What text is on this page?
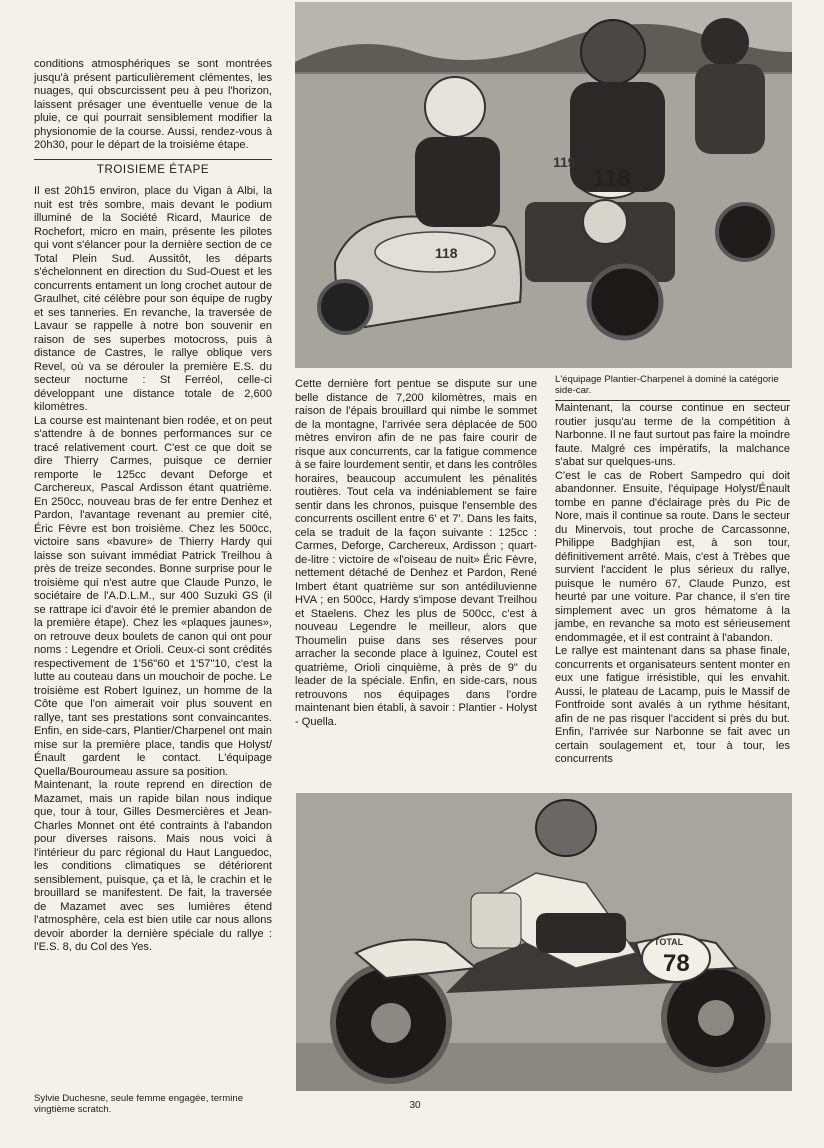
conditions atmosphériques se sont montrées jusqu'à présent particulièrement clémentes, les nuages, qui obscurcissent peu à peu l'horizon, laissent présager une éventuelle venue de la pluie, ce qui pourrait sensiblement modifier la physionomie de la course. Aussi, rendez-vous à 20h30, pour le départ de la troisième étape.

TROISIEME ÉTAPE

Il est 20h15 environ, place du Vigan à Albi, la nuit est très sombre, mais devant le podium illuminé de la Société Ricard, Maurice de Rochefort, micro en main, présente les pilotes qui vont s'élancer pour la dernière section de ce Total Plein Sud. Aussitôt, les départs s'échelonnent en direction du Sud-Ouest et les concurrents entament un long crochet autour de Graulhet, cité célèbre pour son équipe de rugby et ses tanneries. En revanche, la traversée de Lavaur se rappelle à notre bon souvenir en raison de ses superbes motocross, puis à distance de Castres, le rallye oblique vers Revel, où va se dérouler la première E.S. du secteur nocturne : St Ferréol, celle-ci développant une distance totale de 2,600 kilomètres.

La course est maintenant bien rodée, et on peut s'attendre à de bonnes performances sur ce tracé relativement court. C'est ce que doit se dire Thierry Carmes, puisque ce dernier remporte le 125cc devant Deforge et Carchereux, Pascal Ardisson étant quatrième. En 250cc, nouveau bras de fer entre Denhez et Pardon, l'avantage revenant au premier cité, Éric Fèvre est bon troisième. Chez les 500cc, victoire sans «bavure» de Thierry Hardy qui laisse son suivant immédiat Patrick Treilhou à près de treize secondes. Bonne surprise pour le troisième qui n'est autre que Claude Punzo, le sociétaire de l'A.D.L.M., sur 400 Suzuki GS (il se rattrape ici d'avoir été le premier abandon de la première étape). Chez les «plaques jaunes», on retrouve deux boulets de canon qui ont pour noms : Legendre et Orioli. Ceux-ci sont crédités respectivement de 1'56"60 et 1'57"10, c'est la lutte au couteau dans un mouchoir de poche. Le troisième est Robert Iguinez, un homme de la Côte que l'on aimerait voir plus souvent en rallye, tant ses prestations sont convaincantes. Enfin, en side-cars, Plantier/Charpenel ont main mise sur la première place, tandis que Holyst/Énault gardent le contact. L'équipage Quella/Bouroumeau assure sa position.

Maintenant, la route reprend en direction de Mazamet, mais un rapide bilan nous indique que, tour à tour, Gilles Desmercières et Jean-Charles Monnet ont été contraints à l'abandon pour diverses raisons. Mais nous voici à l'intérieur du parc régional du Haut Languedoc, les conditions climatiques se détériorent sensiblement, puisque, ça et là, le crachin et le brouillard se manifestent. De fait, la traversée de Mazamet avec ses lumières étend l'atmosphère, cela est bien utile car nous allons devoir aborder la dernière spéciale du rallye : l'E.S. 8, du Col des Yes.

118
118
119
L'équipage Plantier-Charpenel à dominé la catégorie side-car.

Cette dernière fort pentue se dispute sur une belle distance de 7,200 kilomètres, mais en raison de l'épais brouillard qui nimbe le sommet de la montagne, l'arrivée sera déplacée de 500 mètres environ afin de ne pas faire courir de risque aux concurrents, car la fatigue commence à se faire lourdement sentir, et dans les contrôles horaires, beaucoup accumulent les pénalités routières. Tout cela va indéniablement se faire sentir dans les chronos, puisque l'ensemble des concurrents oscillent entre 6' et 7'. Dans les faits, cela se traduit de la façon suivante : 125cc : Carmes, Deforge, Carchereux, Ardisson ; quart-de-litre : victoire de «l'oiseau de nuit» Éric Fèvre, nettement détaché de Denhez et Pardon, René Imbert étant quatrième sur son antédiluvienne HVA ; en 500cc, Hardy s'impose devant Treilhou et Staelens. Chez les plus de 500cc, c'est à nouveau Legendre le meilleur, alors que Thoumelin puise dans ses réserves pour arracher la seconde place à Iguinez, Coutel est quatrième, Orioli cinquième, à près de 9" du leader de la spéciale. Enfin, en side-cars, nous retrouvons nos équipages dans l'ordre maintenant bien établi, à savoir : Plantier - Holyst - Quella.

Maintenant, la course continue en secteur routier jusqu'au terme de la compétition à Narbonne. Il ne faut surtout pas faire la moindre faute. Malgré ces impératifs, la malchance s'abat sur quelques-uns.

C'est le cas de Robert Sampedro qui doit abandonner. Ensuite, l'équipage Holyst/Énault tombe en panne d'éclairage près du Pic de Nore, mais il continue sa route. Dans le secteur du Minervois, tout proche de Carcassonne, Philippe Badghjian est, à son tour, définitivement arrêté. Mais, c'est à Trèbes que survient l'accident le plus sérieux du rallye, puisque le numéro 67, Claude Punzo, est heurté par une voiture. Par chance, il s'en tire simplement avec un gros hématome à la jambe, en revanche sa moto est sérieusement endommagée, et il est contraint à l'abandon.

Le rallye est maintenant dans sa phase finale, concurrents et organisateurs sentent monter en eux une fatigue irrésistible, qui les envahit. Aussi, le plateau de Lacamp, puis le Massif de Fontfroide sont avalés à un rythme hésitant, afin de ne pas risquer l'accident si près du but. Enfin, l'arrivée sur Narbonne se fait avec un certain soulagement et, tour à tour, les concurrents

78
TOTAL
Sylvie Duchesne, seule femme engagée, termine vingtième scratch.	30
